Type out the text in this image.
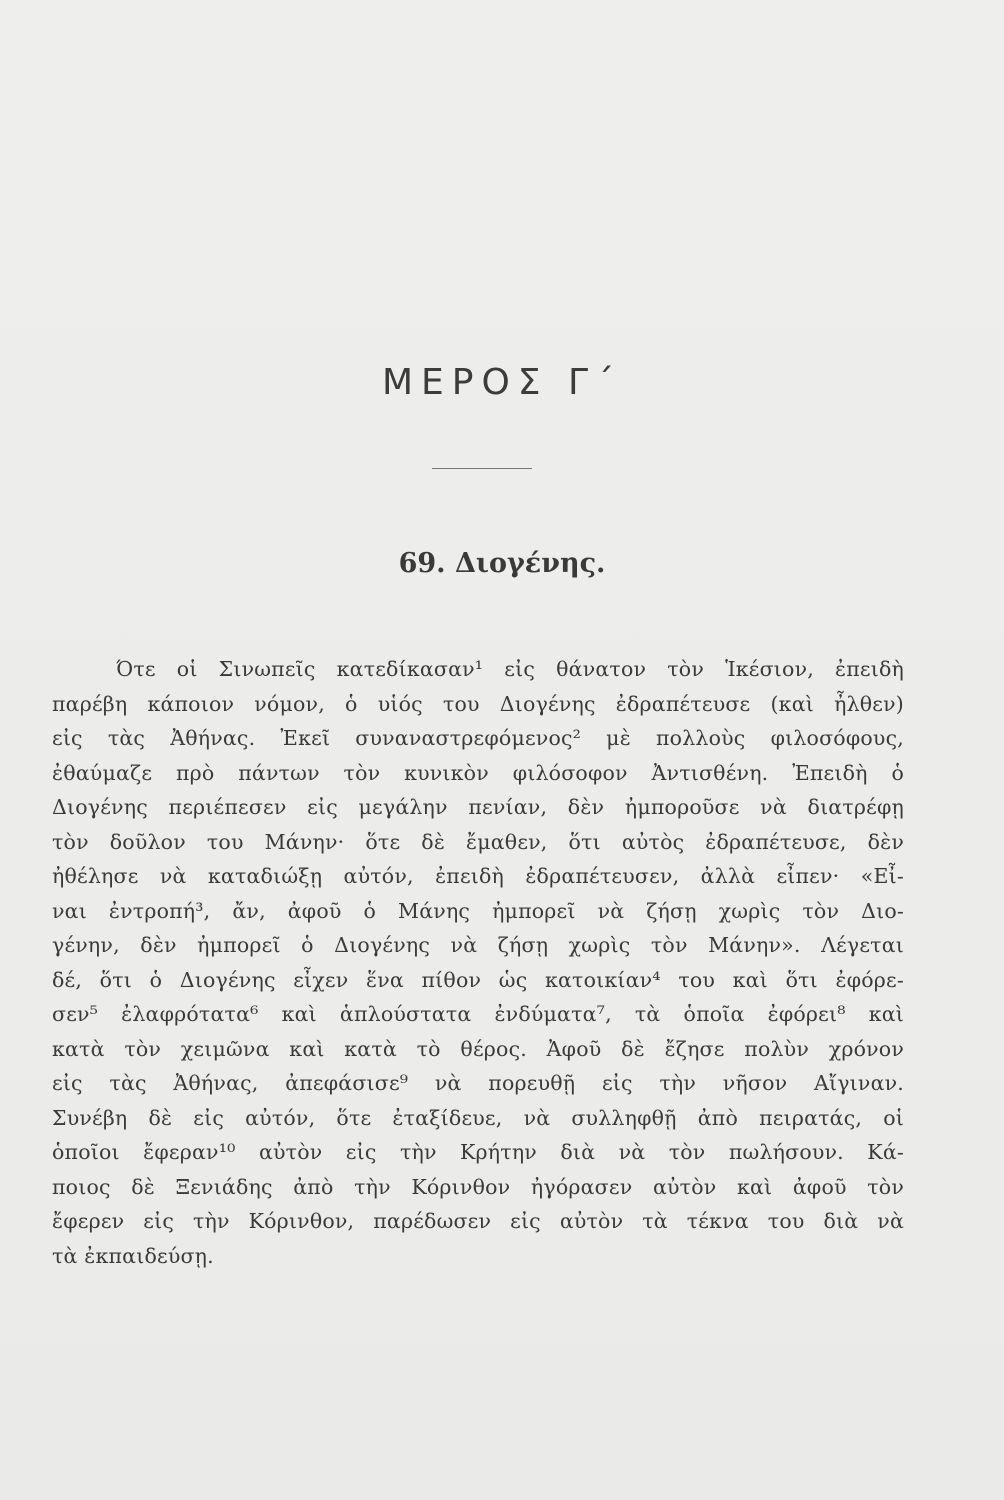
ΜΕΡΟΣ Γ΄
69. Διογένης.
Ότε οἱ Σινωπεῖς κατεδίκασαν¹ εἰς θάνατον τὸν Ἱκέσιον, ἐπειδὴ
παρέβη κάποιον νόμον, ὁ υἱός του Διογένης ἐδραπέτευσε (καὶ ἦλθεν)
εἰς τὰς Ἀθήνας. Ἐκεῖ συναναστρεφόμενος² μὲ πολλοὺς φιλοσόφους,
ἐθαύμαζε πρὸ πάντων τὸν κυνικὸν φιλόσοφον Ἀντισθένη. Ἐπειδὴ ὁ
Διογένης περιέπεσεν εἰς μεγάλην πενίαν, δὲν ἠμποροῦσε νὰ διατρέφῃ
τὸν δοῦλον του Μάνην· ὅτε δὲ ἔμαθεν, ὅτι αὐτὸς ἐδραπέτευσε, δὲν
ἠθέλησε νὰ καταδιώξῃ αὐτόν, ἐπειδὴ ἐδραπέτευσεν, ἀλλὰ εἶπεν· «Εἶ-
ναι ἐντροπή³, ἄν, ἀφοῦ ὁ Μάνης ἠμπορεῖ νὰ ζήσῃ χωρὶς τὸν Διο-
γένην, δὲν ἠμπορεῖ ὁ Διογένης νὰ ζήσῃ χωρὶς τὸν Μάνην». Λέγεται
δέ, ὅτι ὁ Διογένης εἶχεν ἕνα πίθον ὡς κατοικίαν⁴ του καὶ ὅτι ἐφόρε-
σεν⁵ ἐλαφρότατα⁶ καὶ ἁπλούστατα ἐνδύματα⁷, τὰ ὁποῖα ἐφόρει⁸ καὶ
κατὰ τὸν χειμῶνα καὶ κατὰ τὸ θέρος. Ἀφοῦ δὲ ἔζησε πολὺν χρόνον
εἰς τὰς Ἀθήνας, ἀπεφάσισε⁹ νὰ πορευθῇ εἰς τὴν νῆσον Αἴγιναν.
Συνέβη δὲ εἰς αὐτόν, ὅτε ἐταξίδευε, νὰ συλληφθῇ ἀπὸ πειρατάς, οἱ
ὁποῖοι ἔφεραν¹⁰ αὐτὸν εἰς τὴν Κρήτην διὰ νὰ τὸν πωλήσουν. Κά-
ποιος δὲ Ξενιάδης ἀπὸ τὴν Κόρινθον ἠγόρασεν αὐτὸν καὶ ἀφοῦ τὸν
ἔφερεν εἰς τὴν Κόρινθον, παρέδωσεν εἰς αὐτὸν τὰ τέκνα του διὰ νὰ
τὰ ἐκπαιδεύσῃ.
